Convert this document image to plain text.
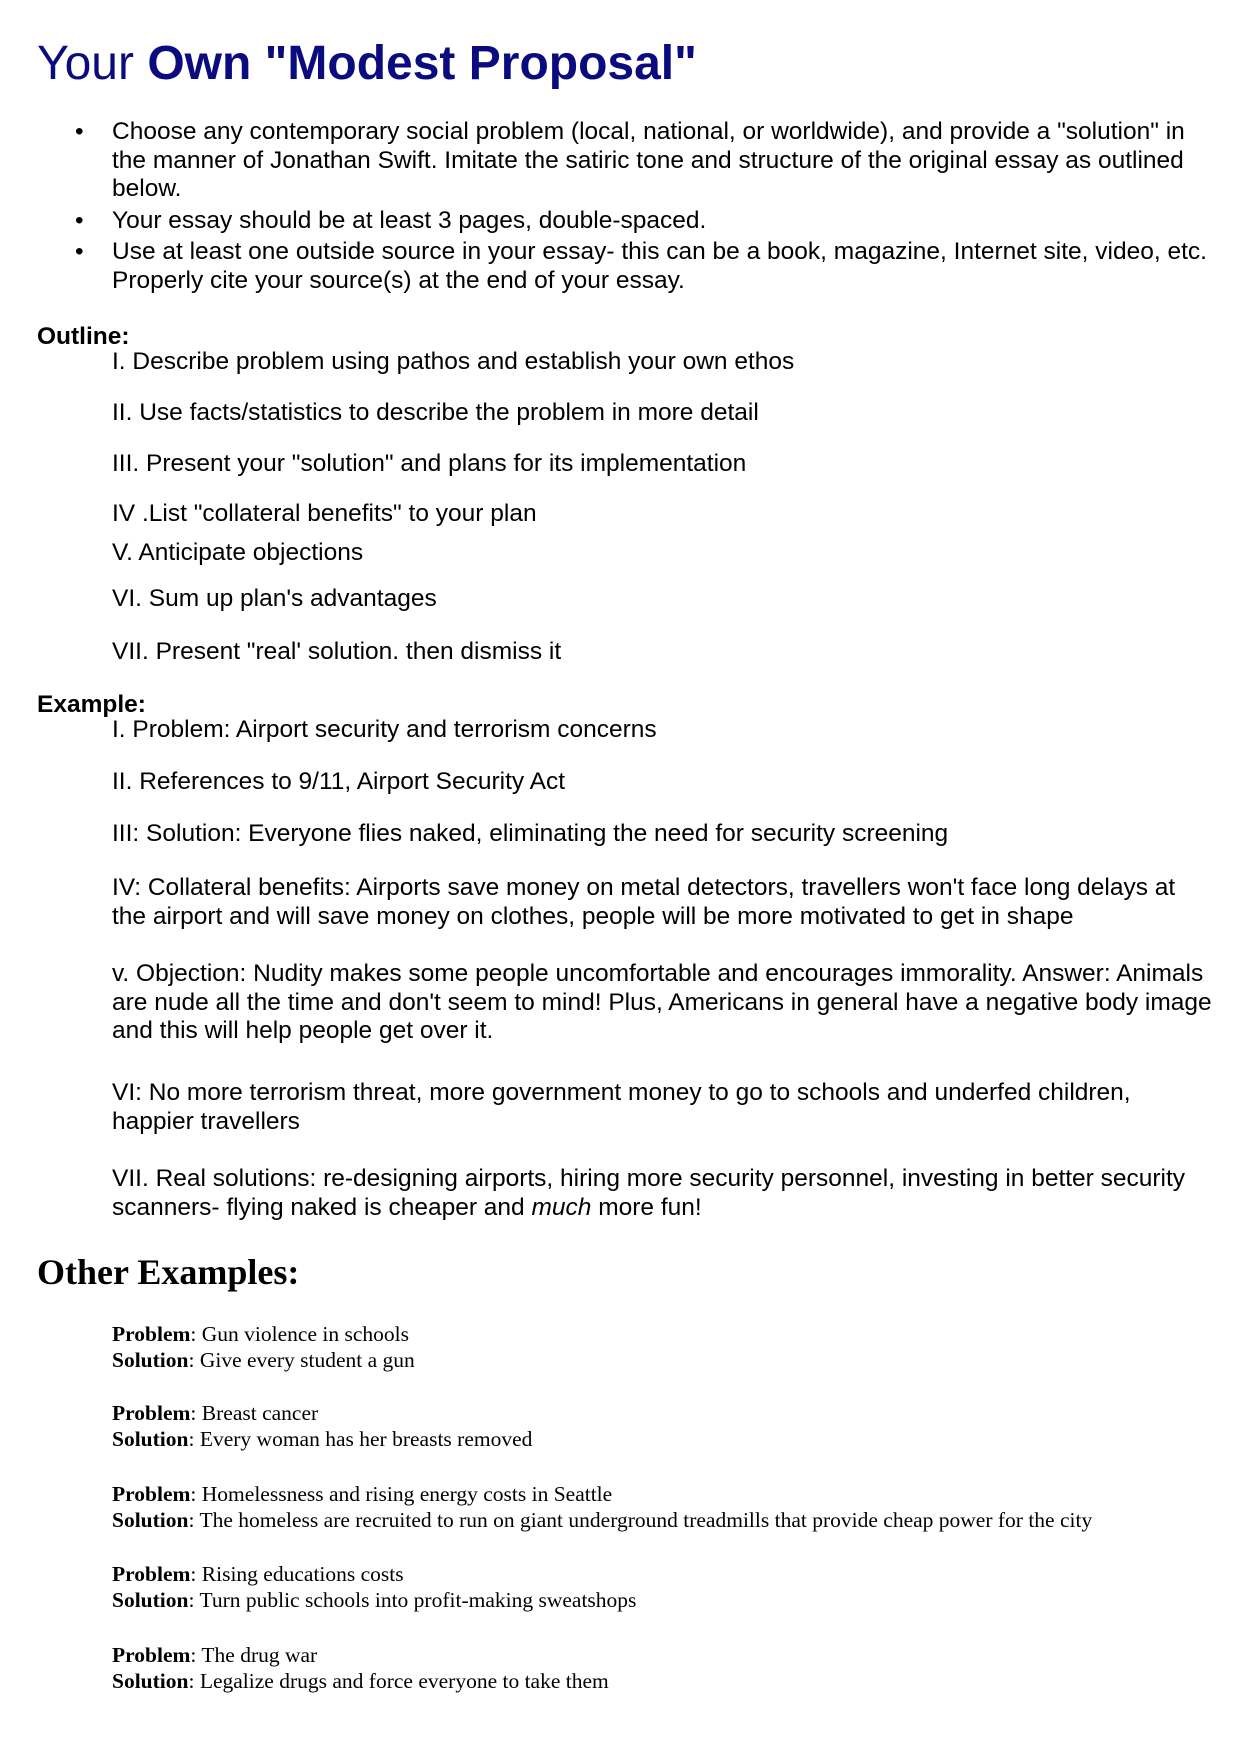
Your Own "Modest Proposal"
• Choose any contemporary social problem (local, national, or worldwide), and provide a "solution" in the manner of Jonathan Swift. Imitate the satiric tone and structure of the original essay as outlined below.
• Your essay should be at least 3 pages, double-spaced.
• Use at least one outside source in your essay- this can be a book, magazine, Internet site, video, etc. Properly cite your source(s) at the end of your essay.
Outline:

I. Describe problem using pathos and establish your own ethos

II. Use facts/statistics to describe the problem in more detail

III. Present your "solution" and plans for its implementation

IV .List "collateral benefits" to your plan

V. Anticipate objections

VI. Sum up plan's advantages

VII. Present "real' solution. then dismiss it

Example:

I. Problem: Airport security and terrorism concerns

II. References to 9/11, Airport Security Act

III: Solution: Everyone flies naked, eliminating the need for security screening

IV: Collateral benefits: Airports save money on metal detectors, travellers won't face long delays at the airport and will save money on clothes, people will be more motivated to get in shape

v. Objection: Nudity makes some people uncomfortable and encourages immorality. Answer: Animals are nude all the time and don't seem to mind! Plus, Americans in general have a negative body image and this will help people get over it.

VI: No more terrorism threat, more government money to go to schools and underfed children, happier travellers

VII. Real solutions: re-designing airports, hiring more security personnel, investing in better security scanners- flying naked is cheaper and much more fun!

Other Examples:
Problem: Gun violence in schools
Solution: Give every student a gun
Problem: Breast cancer
Solution: Every woman has her breasts removed
Problem: Homelessness and rising energy costs in Seattle
Solution: The homeless are recruited to run on giant underground treadmills that provide cheap power for the city
Problem: Rising educations costs
Solution: Turn public schools into profit-making sweatshops
Problem: The drug war
Solution: Legalize drugs and force everyone to take them
